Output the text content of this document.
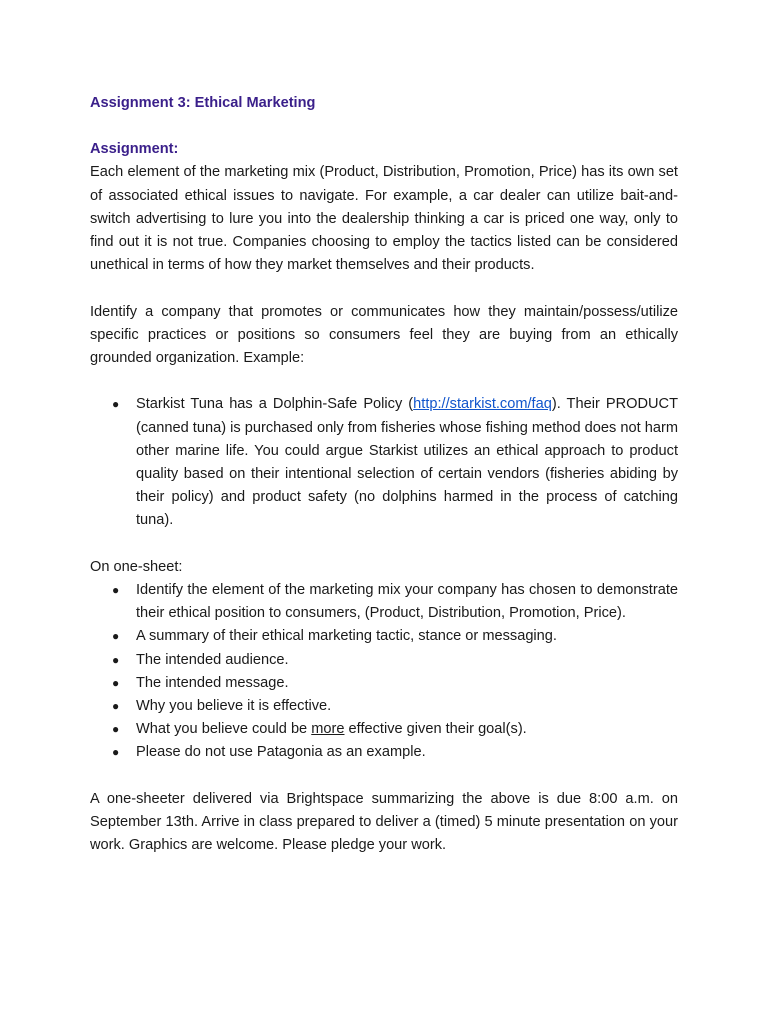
Assignment 3: Ethical Marketing

Assignment:

Each element of the marketing mix (Product, Distribution, Promotion, Price) has its own set of associated ethical issues to navigate. For example, a car dealer can utilize bait-and-switch advertising to lure you into the dealership thinking a car is priced one way, only to find out it is not true. Companies choosing to employ the tactics listed can be considered unethical in terms of how they market themselves and their products.

Identify a company that promotes or communicates how they maintain/possess/utilize specific practices or positions so consumers feel they are buying from an ethically grounded organization. Example:

● Starkist Tuna has a Dolphin-Safe Policy (http://starkist.com/faq). Their PRODUCT (canned tuna) is purchased only from fisheries whose fishing method does not harm other marine life. You could argue Starkist utilizes an ethical approach to product quality based on their intentional selection of certain vendors (fisheries abiding by their policy) and product safety (no dolphins harmed in the process of catching tuna).

On one-sheet:

● Identify the element of the marketing mix your company has chosen to demonstrate their ethical position to consumers, (Product, Distribution, Promotion, Price).
● A summary of their ethical marketing tactic, stance or messaging.
● The intended audience.
● The intended message.
● Why you believe it is effective.
● What you believe could be more effective given their goal(s).
● Please do not use Patagonia as an example.

A one-sheeter delivered via Brightspace summarizing the above is due 8:00 a.m. on September 13th. Arrive in class prepared to deliver a (timed) 5 minute presentation on your work. Graphics are welcome. Please pledge your work.
